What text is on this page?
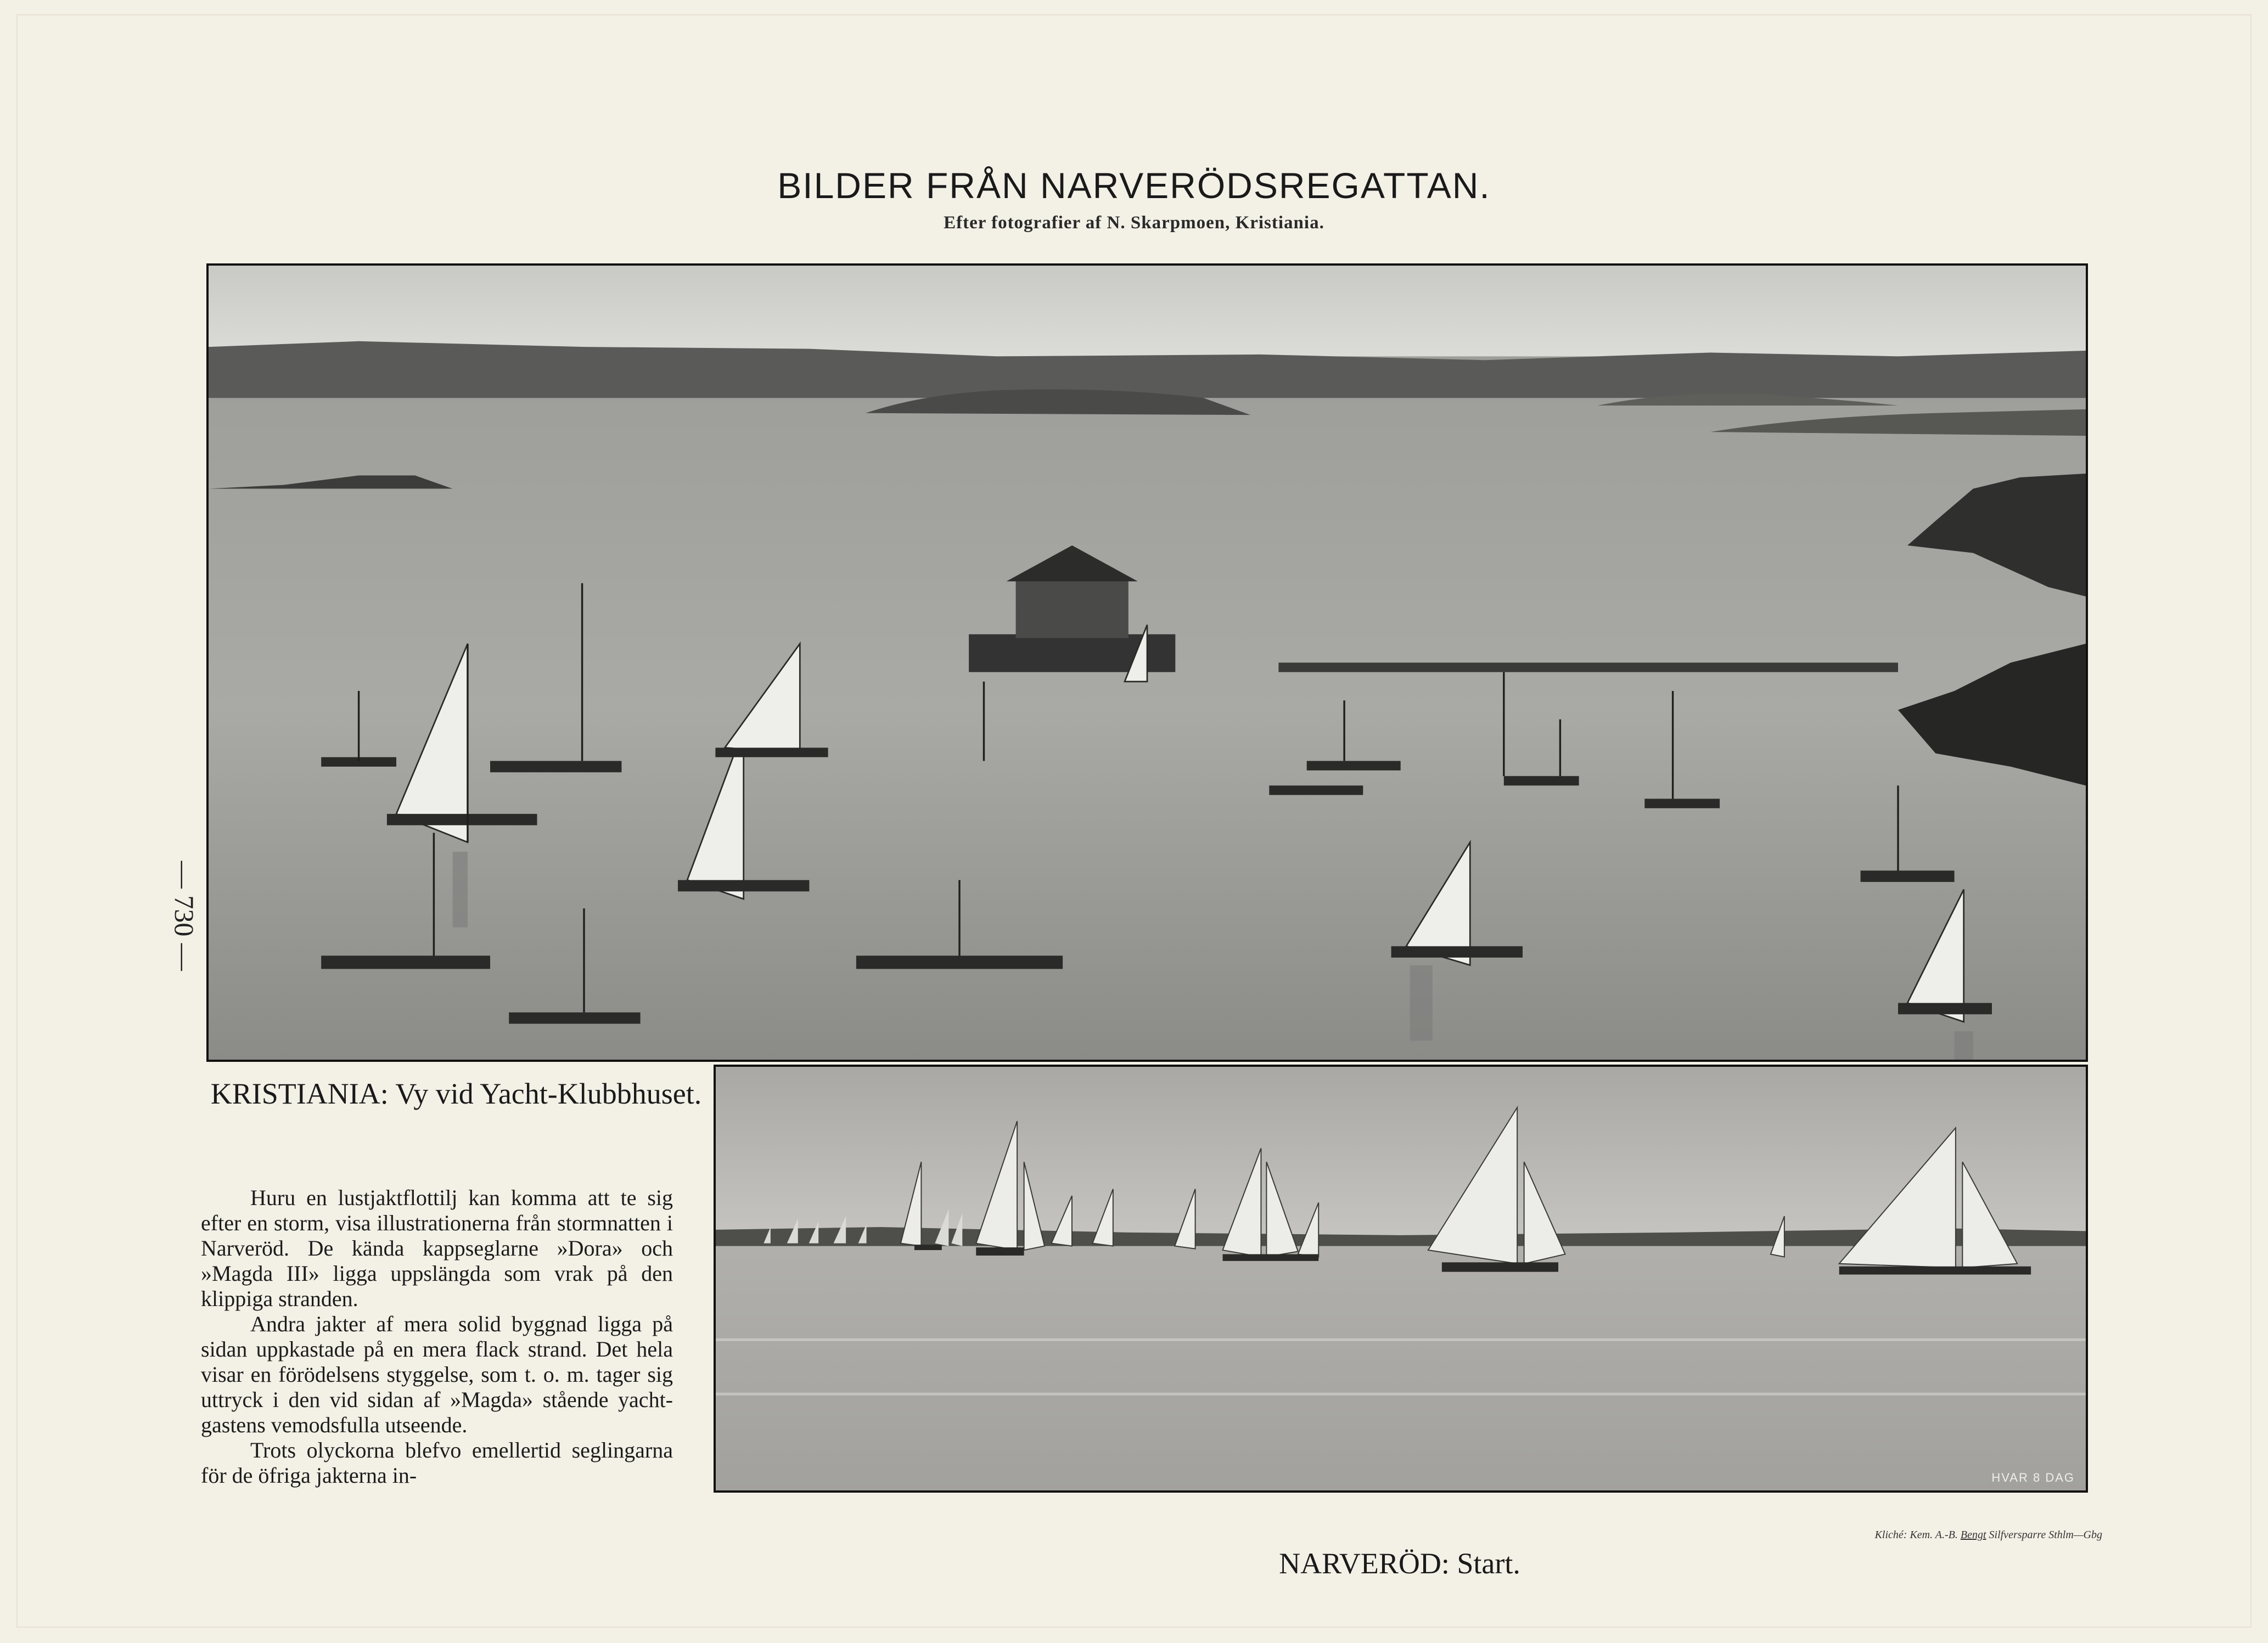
BILDER FRÅN NARVERÖDSREGATTAN.
Efter fotografier af N. Skarpmoen, Kristiania.
— 730 —
KRISTIANIA: Vy vid Yacht-Klubbhuset.

Huru en lustjaktflottilj kan komma att te sig efter en storm, visa illustrationerna från stormnatten i Narveröd. De kända kappseglarne »Dora» och »Magda III» ligga uppslängda som vrak på den klippiga stranden.

Andra jakter af mera solid byggnad ligga på sidan uppkastade på en mera flack strand. Det hela visar en förödelsens styggelse, som t. o. m. tager sig uttryck i den vid sidan af »Magda» stående yacht-gastens vemodsfulla utseende.

Trots olyckorna blefvo emellertid seglingarna för de öfriga jakterna in-	HVAR 8 DAG
NARVERÖD: Start.
Kliché: Kem. A.-B. Bengt Silfversparre Sthlm—Gbg
